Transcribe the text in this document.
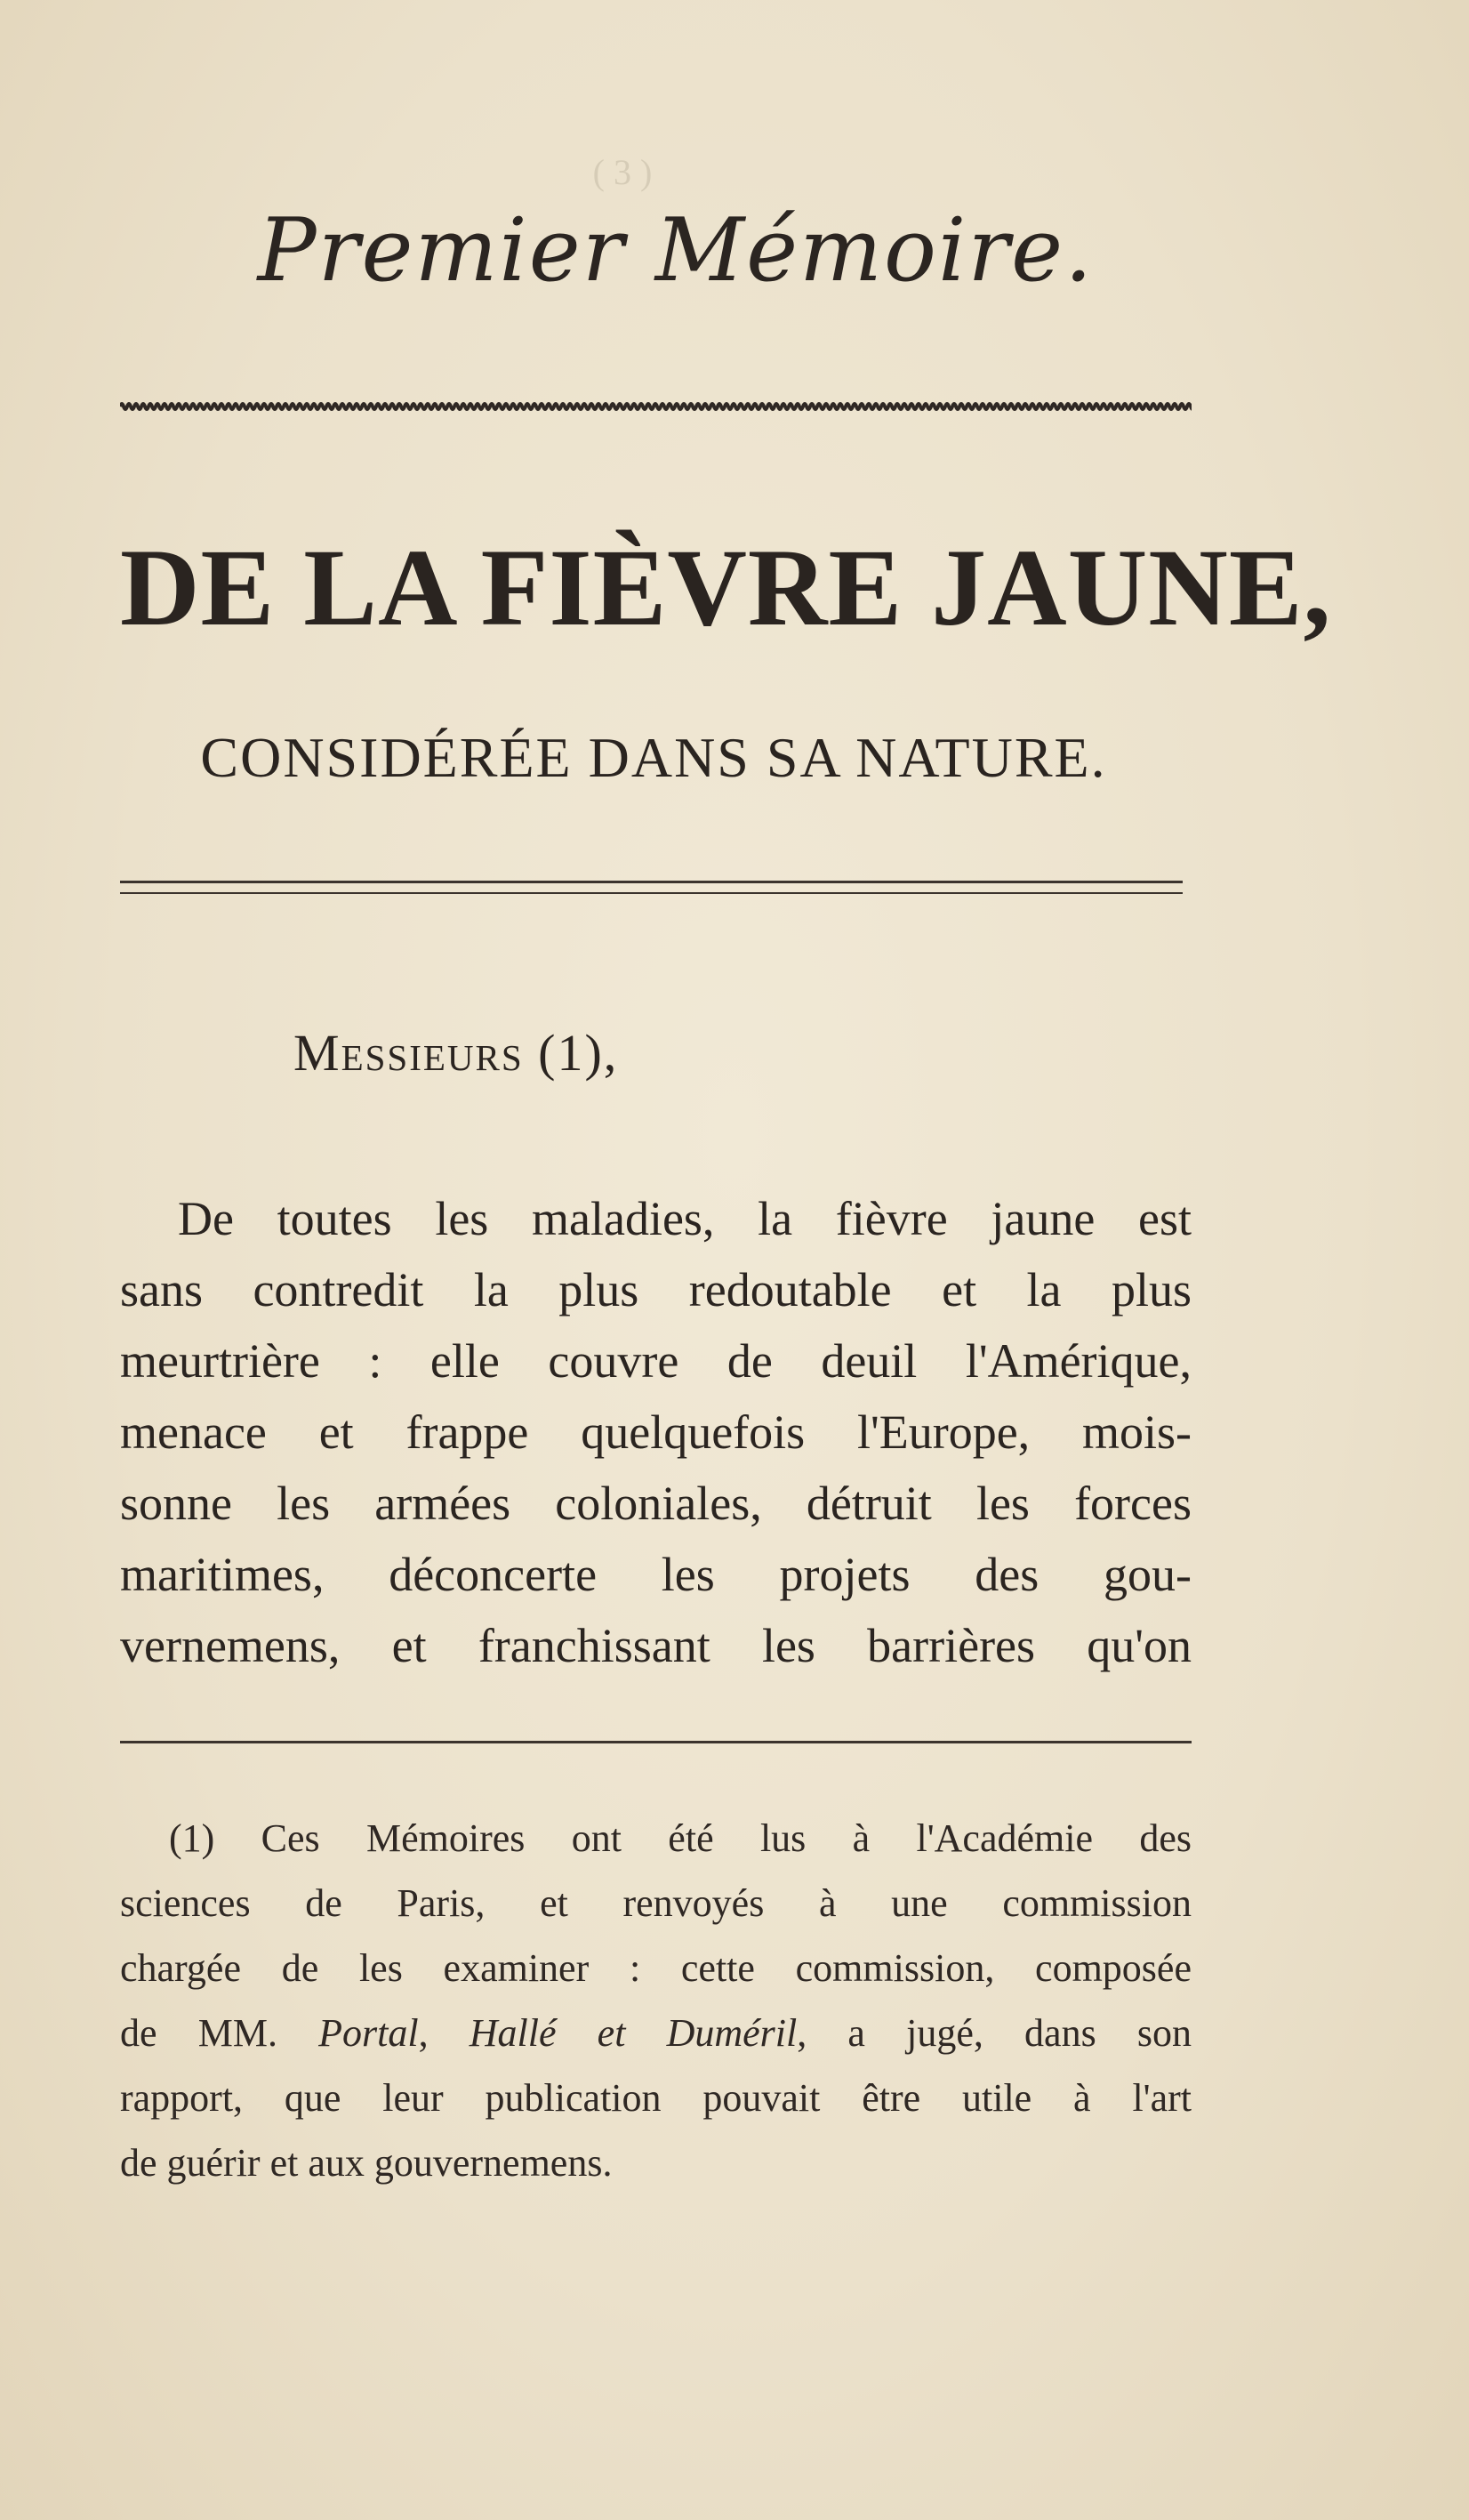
( 3 )
Premier Mémoire.
DE LA FIÈVRE JAUNE,
CONSIDÉRÉE DANS SA NATURE.
Messieurs (1),
De toutes les maladies, la fièvre jaune est
sans contredit la plus redoutable et la plus
meurtrière : elle couvre de deuil l'Amérique,
menace et frappe quelquefois l'Europe, mois-
sonne les armées coloniales, détruit les forces
maritimes, déconcerte les projets des gou-
vernemens, et franchissant les barrières qu'on
(1) Ces Mémoires ont été lus à l'Académie des
sciences de Paris, et renvoyés à une commission
chargée de les examiner : cette commission, composée
de MM. Portal, Hallé et Duméril, a jugé, dans son
rapport, que leur publication pouvait être utile à l'art
de guérir et aux gouvernemens.
